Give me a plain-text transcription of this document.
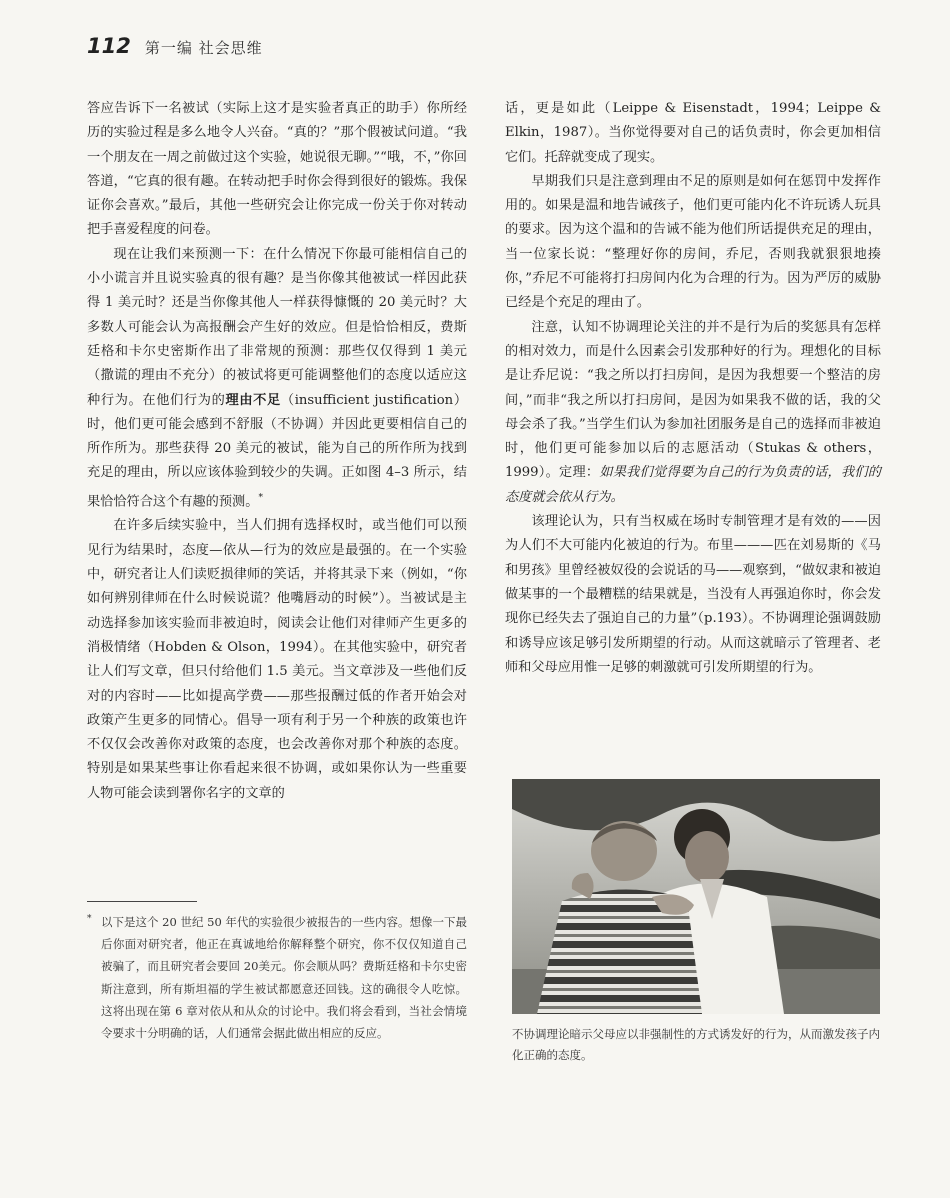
112 第一编 社会思维

答应告诉下一名被试（实际上这才是实验者真正的助手）你所经历的实验过程是多么地令人兴奋。“真的？”那个假被试问道。“我一个朋友在一周之前做过这个实验，她说很无聊。”“哦，不，”你回答道，“它真的很有趣。在转动把手时你会得到很好的锻炼。我保证你会喜欢。”最后，其他一些研究会让你完成一份关于你对转动把手喜爱程度的问卷。

现在让我们来预测一下：在什么情况下你最可能相信自己的小小谎言并且说实验真的很有趣？是当你像其他被试一样因此获得 1 美元时？还是当你像其他人一样获得慷慨的 20 美元时？大多数人可能会认为高报酬会产生好的效应。但是恰恰相反，费斯廷格和卡尔史密斯作出了非常规的预测：那些仅仅得到 1 美元（撒谎的理由不充分）的被试将更可能调整他们的态度以适应这种行为。在他们行为的理由不足（insufficient justification）时，他们更可能会感到不舒服（不协调）并因此更要相信自己的所作所为。那些获得 20 美元的被试，能为自己的所作所为找到充足的理由，所以应该体验到较少的失调。正如图 4–3 所示，结果恰恰符合这个有趣的预测。*

在许多后续实验中，当人们拥有选择权时，或当他们可以预见行为结果时，态度—依从—行为的效应是最强的。在一个实验中，研究者让人们读贬损律师的笑话，并将其录下来（例如，“你如何辨别律师在什么时候说谎？他嘴唇动的时候”）。当被试是主动选择参加该实验而非被迫时，阅读会让他们对律师产生更多的消极情绪（Hobden & Olson，1994）。在其他实验中，研究者让人们写文章，但只付给他们 1.5 美元。当文章涉及一些他们反对的内容时——比如提高学费——那些报酬过低的作者开始会对政策产生更多的同情心。倡导一项有利于另一个种族的政策也许不仅仅会改善你对政策的态度，也会改善你对那个种族的态度。特别是如果某些事让你看起来很不协调，或如果你认为一些重要人物可能会读到署你名字的文章的

* 以下是这个 20 世纪 50 年代的实验很少被报告的一些内容。想像一下最后你面对研究者，他正在真诚地给你解释整个研究，你不仅仅知道自己被骗了，而且研究者会要回 20美元。你会顺从吗？费斯廷格和卡尔史密斯注意到，所有斯坦福的学生被试都愿意还回钱。这的确很令人吃惊。这将出现在第 6 章对依从和从众的讨论中。我们将会看到，当社会情境令要求十分明确的话，人们通常会据此做出相应的反应。

话，更是如此（Leippe & Eisenstadt，1994；Leippe & Elkin，1987）。当你觉得要对自己的话负责时，你会更加相信它们。托辞就变成了现实。

早期我们只是注意到理由不足的原则是如何在惩罚中发挥作用的。如果是温和地告诫孩子，他们更可能内化不许玩诱人玩具的要求。因为这个温和的告诫不能为他们所话提供充足的理由，当一位家长说：“整理好你的房间，乔尼，否则我就狠狠地揍你，”乔尼不可能将打扫房间内化为合理的行为。因为严厉的威胁已经是个充足的理由了。

注意，认知不协调理论关注的并不是行为后的奖惩具有怎样的相对效力，而是什么因素会引发那种好的行为。理想化的目标是让乔尼说：“我之所以打扫房间，是因为我想要一个整洁的房间，”而非“我之所以打扫房间，是因为如果我不做的话，我的父母会杀了我。”当学生们认为参加社团服务是自己的选择而非被迫时，他们更可能参加以后的志愿活动（Stukas & others，1999）。定理：如果我们觉得要为自己的行为负责的话，我们的态度就会依从行为。

该理论认为，只有当权威在场时专制管理才是有效的——因为人们不大可能内化被迫的行为。布里———匹在刘易斯的《马和男孩》里曾经被奴役的会说话的马——观察到，“做奴隶和被迫做某事的一个最糟糕的结果就是，当没有人再强迫你时，你会发现你已经失去了强迫自己的力量”（p.193）。不协调理论强调鼓励和诱导应该足够引发所期望的行动。从而这就暗示了管理者、老师和父母应用惟一足够的刺激就可引发所期望的行为。

不协调理论暗示父母应以非强制性的方式诱发好的行为，从而激发孩子内化正确的态度。
